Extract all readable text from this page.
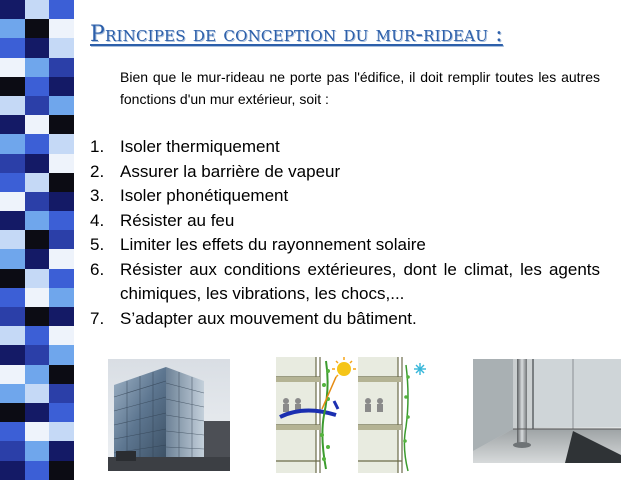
Principes de conception du mur-rideau :

Bien que le mur-rideau ne porte pas l'édifice, il doit remplir toutes les autres fonctions d'un mur extérieur, soit :

1. Isoler thermiquement
2. Assurer la barrière de vapeur
3. Isoler phonétiquement
4. Résister au feu
5. Limiter les effets du rayonnement solaire
6. Résister aux conditions extérieures, dont le climat, les agents chimiques, les vibrations, les chocs,...
7. S’adapter aux mouvement du bâtiment.
